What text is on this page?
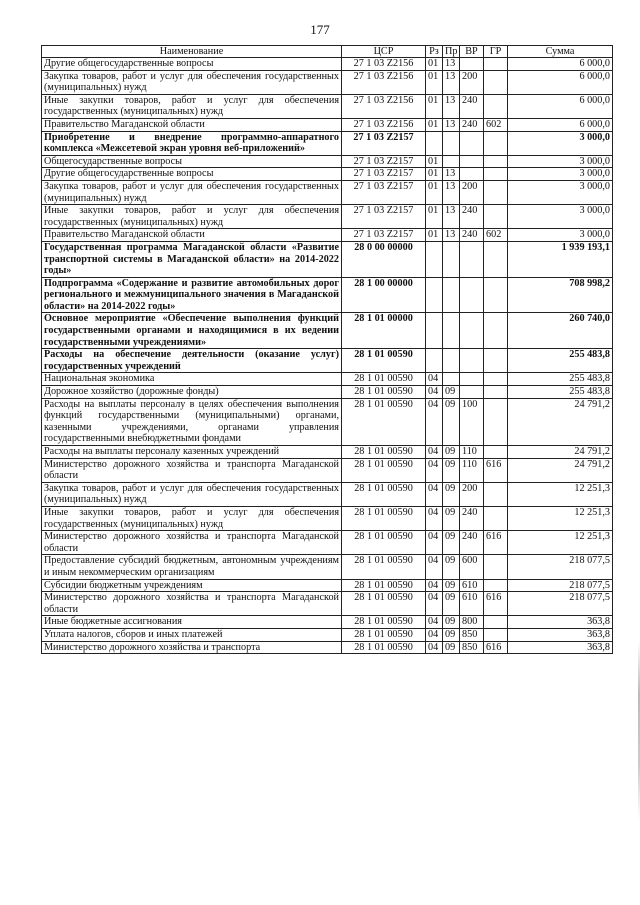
177
Наименование	ЦСР	Рз	Пр	ВР	ГР	Сумма
Другие общегосударственные вопросы	27 1 03 Z2156	01	13			6 000,0
Закупка товаров, работ и услуг для обеспечения государственных (муниципальных) нужд	27 1 03 Z2156	01	13	200		6 000,0
Иные закупки товаров, работ и услуг для обеспечения государственных (муниципальных) нужд	27 1 03 Z2156	01	13	240		6 000,0
Правительство Магаданской области	27 1 03 Z2156	01	13	240	602	6 000,0
Приобретение и внедрение программно-аппаратного комплекса «Межсетевой экран уровня веб-приложений»	27 1 03 Z2157					3 000,0
Общегосударственные вопросы	27 1 03 Z2157	01				3 000,0
Другие общегосударственные вопросы	27 1 03 Z2157	01	13			3 000,0
Закупка товаров, работ и услуг для обеспечения государственных (муниципальных) нужд	27 1 03 Z2157	01	13	200		3 000,0
Иные закупки товаров, работ и услуг для обеспечения государственных (муниципальных) нужд	27 1 03 Z2157	01	13	240		3 000,0
Правительство Магаданской области	27 1 03 Z2157	01	13	240	602	3 000,0
Государственная программа Магаданской области «Развитие транспортной системы в Магаданской области» на 2014-2022 годы»	28 0 00 00000					1 939 193,1
Подпрограмма «Содержание и развитие автомобильных дорог регионального и межмуниципального значения в Магаданской области» на 2014-2022 годы»	28 1 00 00000					708 998,2
Основное мероприятие «Обеспечение выполнения функций государственными органами и находящимися в их ведении государственными учреждениями»	28 1 01 00000					260 740,0
Расходы на обеспечение деятельности (оказание услуг) государственных учреждений	28 1 01 00590					255 483,8
Национальная экономика	28 1 01 00590	04				255 483,8
Дорожное хозяйство (дорожные фонды)	28 1 01 00590	04	09			255 483,8
Расходы на выплаты персоналу в целях обеспечения выполнения функций государственными (муниципальными) органами, казенными учреждениями, органами управления государственными внебюджетными фондами	28 1 01 00590	04	09	100		24 791,2
Расходы на выплаты персоналу казенных учреждений	28 1 01 00590	04	09	110		24 791,2
Министерство дорожного хозяйства и транспорта Магаданской области	28 1 01 00590	04	09	110	616	24 791,2
Закупка товаров, работ и услуг для обеспечения государственных (муниципальных) нужд	28 1 01 00590	04	09	200		12 251,3
Иные закупки товаров, работ и услуг для обеспечения государственных (муниципальных) нужд	28 1 01 00590	04	09	240		12 251,3
Министерство дорожного хозяйства и транспорта Магаданской области	28 1 01 00590	04	09	240	616	12 251,3
Предоставление субсидий бюджетным, автономным учреждениям и иным некоммерческим организациям	28 1 01 00590	04	09	600		218 077,5
Субсидии бюджетным учреждениям	28 1 01 00590	04	09	610		218 077,5
Министерство дорожного хозяйства и транспорта Магаданской области	28 1 01 00590	04	09	610	616	218 077,5
Иные бюджетные ассигнования	28 1 01 00590	04	09	800		363,8
Уплата налогов, сборов и иных платежей	28 1 01 00590	04	09	850		363,8
Министерство дорожного хозяйства и транспорта	28 1 01 00590	04	09	850	616	363,8
